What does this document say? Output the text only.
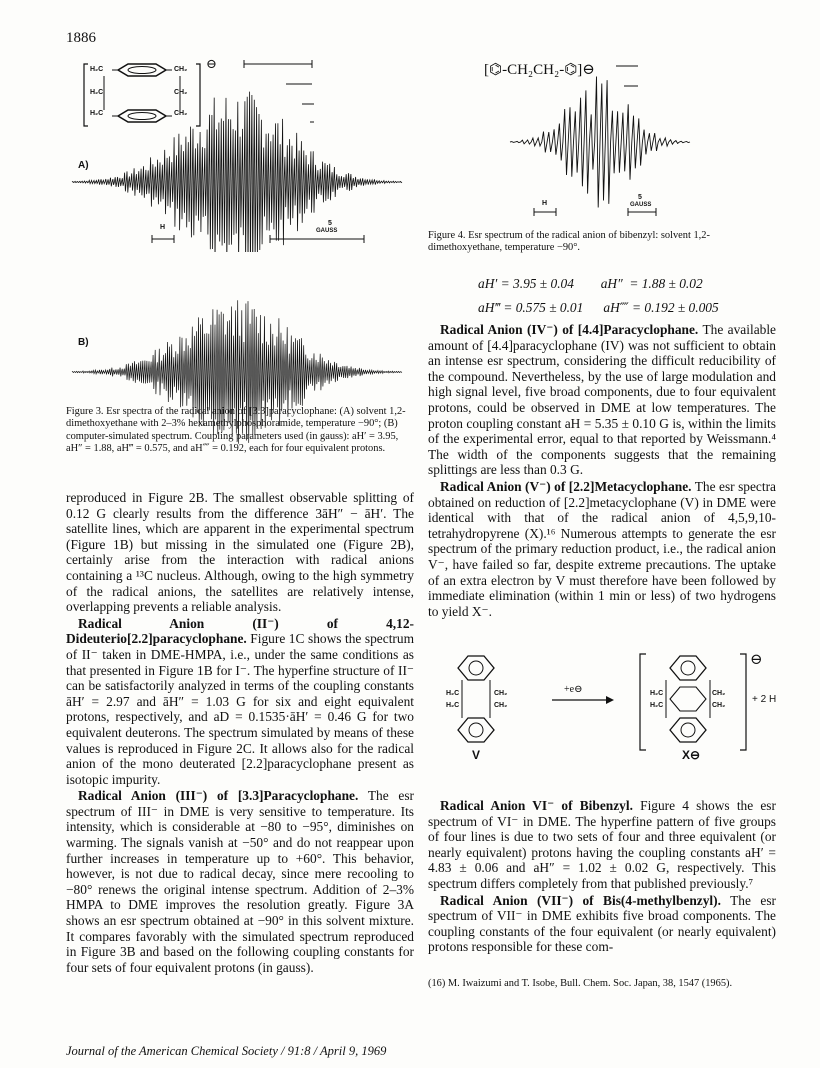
1886
H₂C
H₂C
H₂C
CH₂
CH₂
CH₂
⊖
A)
H
5
GAUSS
B)
Figure 3. Esr spectra of the radical anion of [3.3]paracyclophane: (A) solvent 1,2-dimethoxyethane with 2–3% hexamethylphosphoramide, temperature −90°; (B) computer-simulated spectrum. Coupling parameters used (in gauss): aH′ = 3.95, aH″ = 1.88, aH‴ = 0.575, and aH⁗ = 0.192, each for four equivalent protons.

reproduced in Figure 2B. The smallest observable splitting of 0.12 G clearly results from the difference 3āH″ − āH′. The satellite lines, which are apparent in the experimental spectrum (Figure 1B) but missing in the simulated one (Figure 2B), certainly arise from the interaction with radical anions containing a ¹³C nucleus. Although, owing to the high symmetry of the radical anions, the satellites are relatively intense, overlapping prevents a reliable analysis.

Radical Anion (II⁻) of 4,12-Dideuterio[2.2]paracyclophane. Figure 1C shows the spectrum of II⁻ taken in DME-HMPA, i.e., under the same conditions as that presented in Figure 1B for I⁻. The hyperfine structure of II⁻ can be satisfactorily analyzed in terms of the coupling constants āH′ = 2.97 and āH″ = 1.03 G for six and eight equivalent protons, respectively, and aD = 0.1535·āH′ = 0.46 G for two equivalent deuterons. The spectrum simulated by means of these values is reproduced in Figure 2C. It allows also for the radical anion of the mono deuterated [2.2]paracyclophane present as isotopic impurity.

Radical Anion (III⁻) of [3.3]Paracyclophane. The esr spectrum of III⁻ in DME is very sensitive to temperature. Its intensity, which is considerable at −80 to −95°, diminishes on warming. The signals vanish at −50° and do not reappear upon further increases in temperature up to +60°. This behavior, however, is not due to radical decay, since mere recooling to −80° renews the original intense spectrum. Addition of 2–3% HMPA to DME improves the resolution greatly. Figure 3A shows an esr spectrum obtained at −90° in this solvent mixture. It compares favorably with the simulated spectrum reproduced in Figure 3B and based on the following coupling constants for four sets of four equivalent protons (in gauss).

[⌬-CH₂CH₂-⌬]⊖
H
5
GAUSS
Figure 4. Esr spectrum of the radical anion of bibenzyl: solvent 1,2-dimethoxyethane, temperature −90°.
aH′ = 3.95 ± 0.04        aH″  = 1.88 ± 0.02
aH‴ = 0.575 ± 0.01      aH⁗ = 0.192 ± 0.005

Radical Anion (IV⁻) of [4.4]Paracyclophane. The available amount of [4.4]paracyclophane (IV) was not sufficient to obtain an intense esr spectrum, considering the difficult reducibility of the compound. Nevertheless, by the use of large modulation and high signal level, five broad components, due to four equivalent protons, could be observed in DME at low temperatures. The proton coupling constant aH = 5.35 ± 0.10 G is, within the limits of the experimental error, equal to that reported by Weissmann.⁴ The width of the components suggests that the remaining splittings are less than 0.3 G.

Radical Anion (V⁻) of [2.2]Metacyclophane. The esr spectra obtained on reduction of [2.2]metacyclophane (V) in DME were identical with that of the radical anion of 4,5,9,10-tetrahydropyrene (X).¹⁶ Numerous attempts to generate the esr spectrum of the primary reduction product, i.e., the radical anion V⁻, have failed so far, despite extreme precautions. The uptake of an extra electron by V must therefore have been followed by immediate elimination (within 1 min or less) of two hydrogens to yield X⁻.

H₂C
H₂C
CH₂
CH₂
+e⊖	H₂C
H₂C
CH₂
CH₂
⊖
+ 2 H
V	X⊖

Radical Anion VI⁻ of Bibenzyl. Figure 4 shows the esr spectrum of VI⁻ in DME. The hyperfine pattern of five groups of four lines is due to two sets of four and three equivalent (or nearly equivalent) protons having the coupling constants aH′ = 4.83 ± 0.06 and aH″ = 1.02 ± 0.02 G, respectively. This spectrum differs completely from that published previously.⁷

Radical Anion (VII⁻) of Bis(4-methylbenzyl). The esr spectrum of VII⁻ in DME exhibits five broad components. The coupling constants of the four equivalent (or nearly equivalent) protons responsible for these com-

(16) M. Iwaizumi and T. Isobe, Bull. Chem. Soc. Japan, 38, 1547 (1965).
Journal of the American Chemical Society / 91:8 / April 9, 1969
